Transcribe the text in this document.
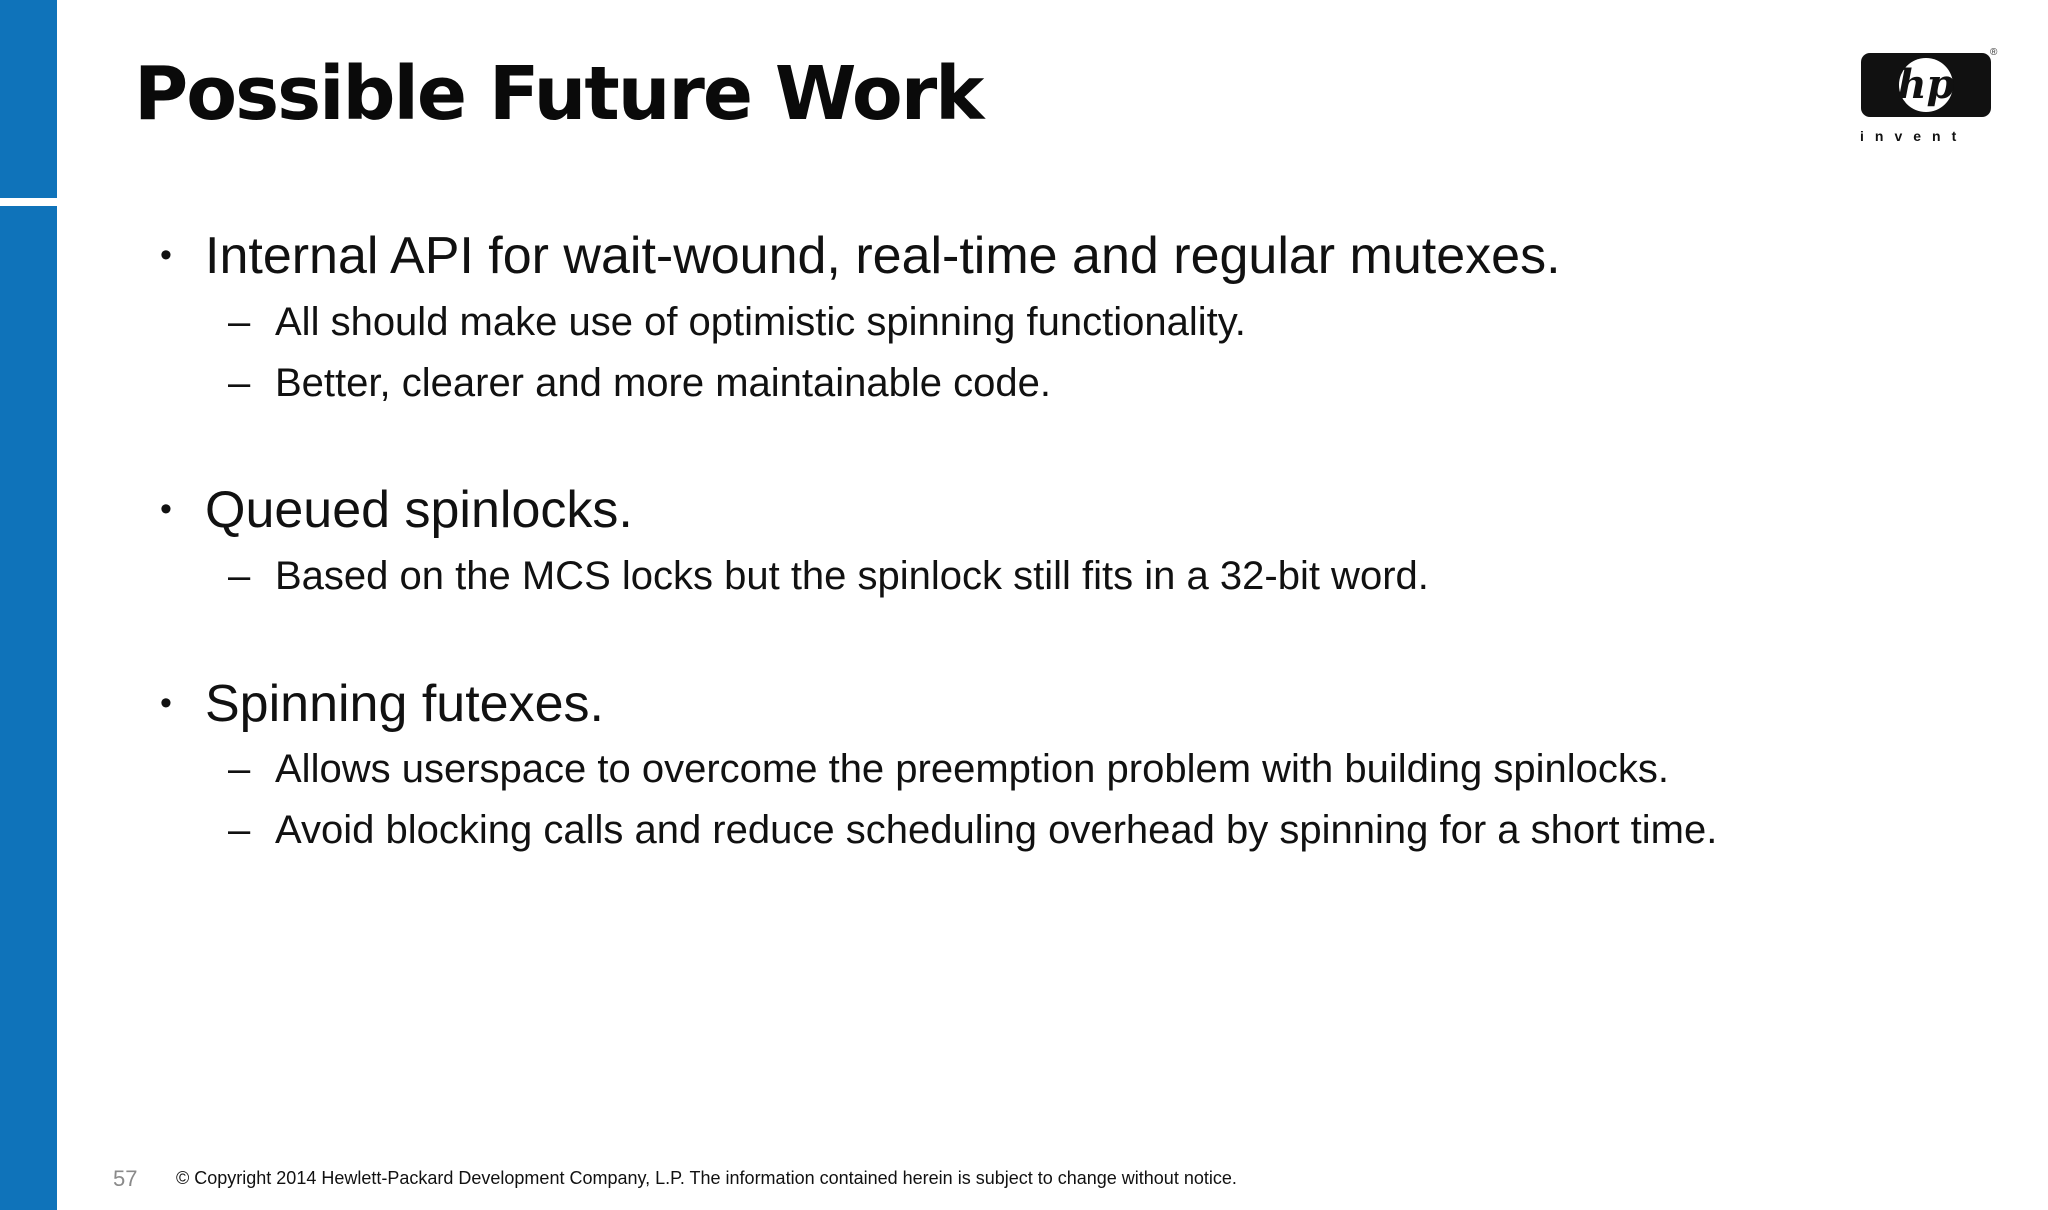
Possible Future Work	hp
invent
®
• Internal API for wait-wound, real-time and regular mutexes.
– All should make use of optimistic spinning functionality.
– Better, clearer and more maintainable code.
• Queued spinlocks.
– Based on the MCS locks but the spinlock still fits in a 32-bit word.
• Spinning futexes.
– Allows userspace to overcome the preemption problem with building spinlocks.
– Avoid blocking calls and reduce scheduling overhead by spinning for a short time.
57 © Copyright 2014 Hewlett-Packard Development Company, L.P. The information contained herein is subject to change without notice.
